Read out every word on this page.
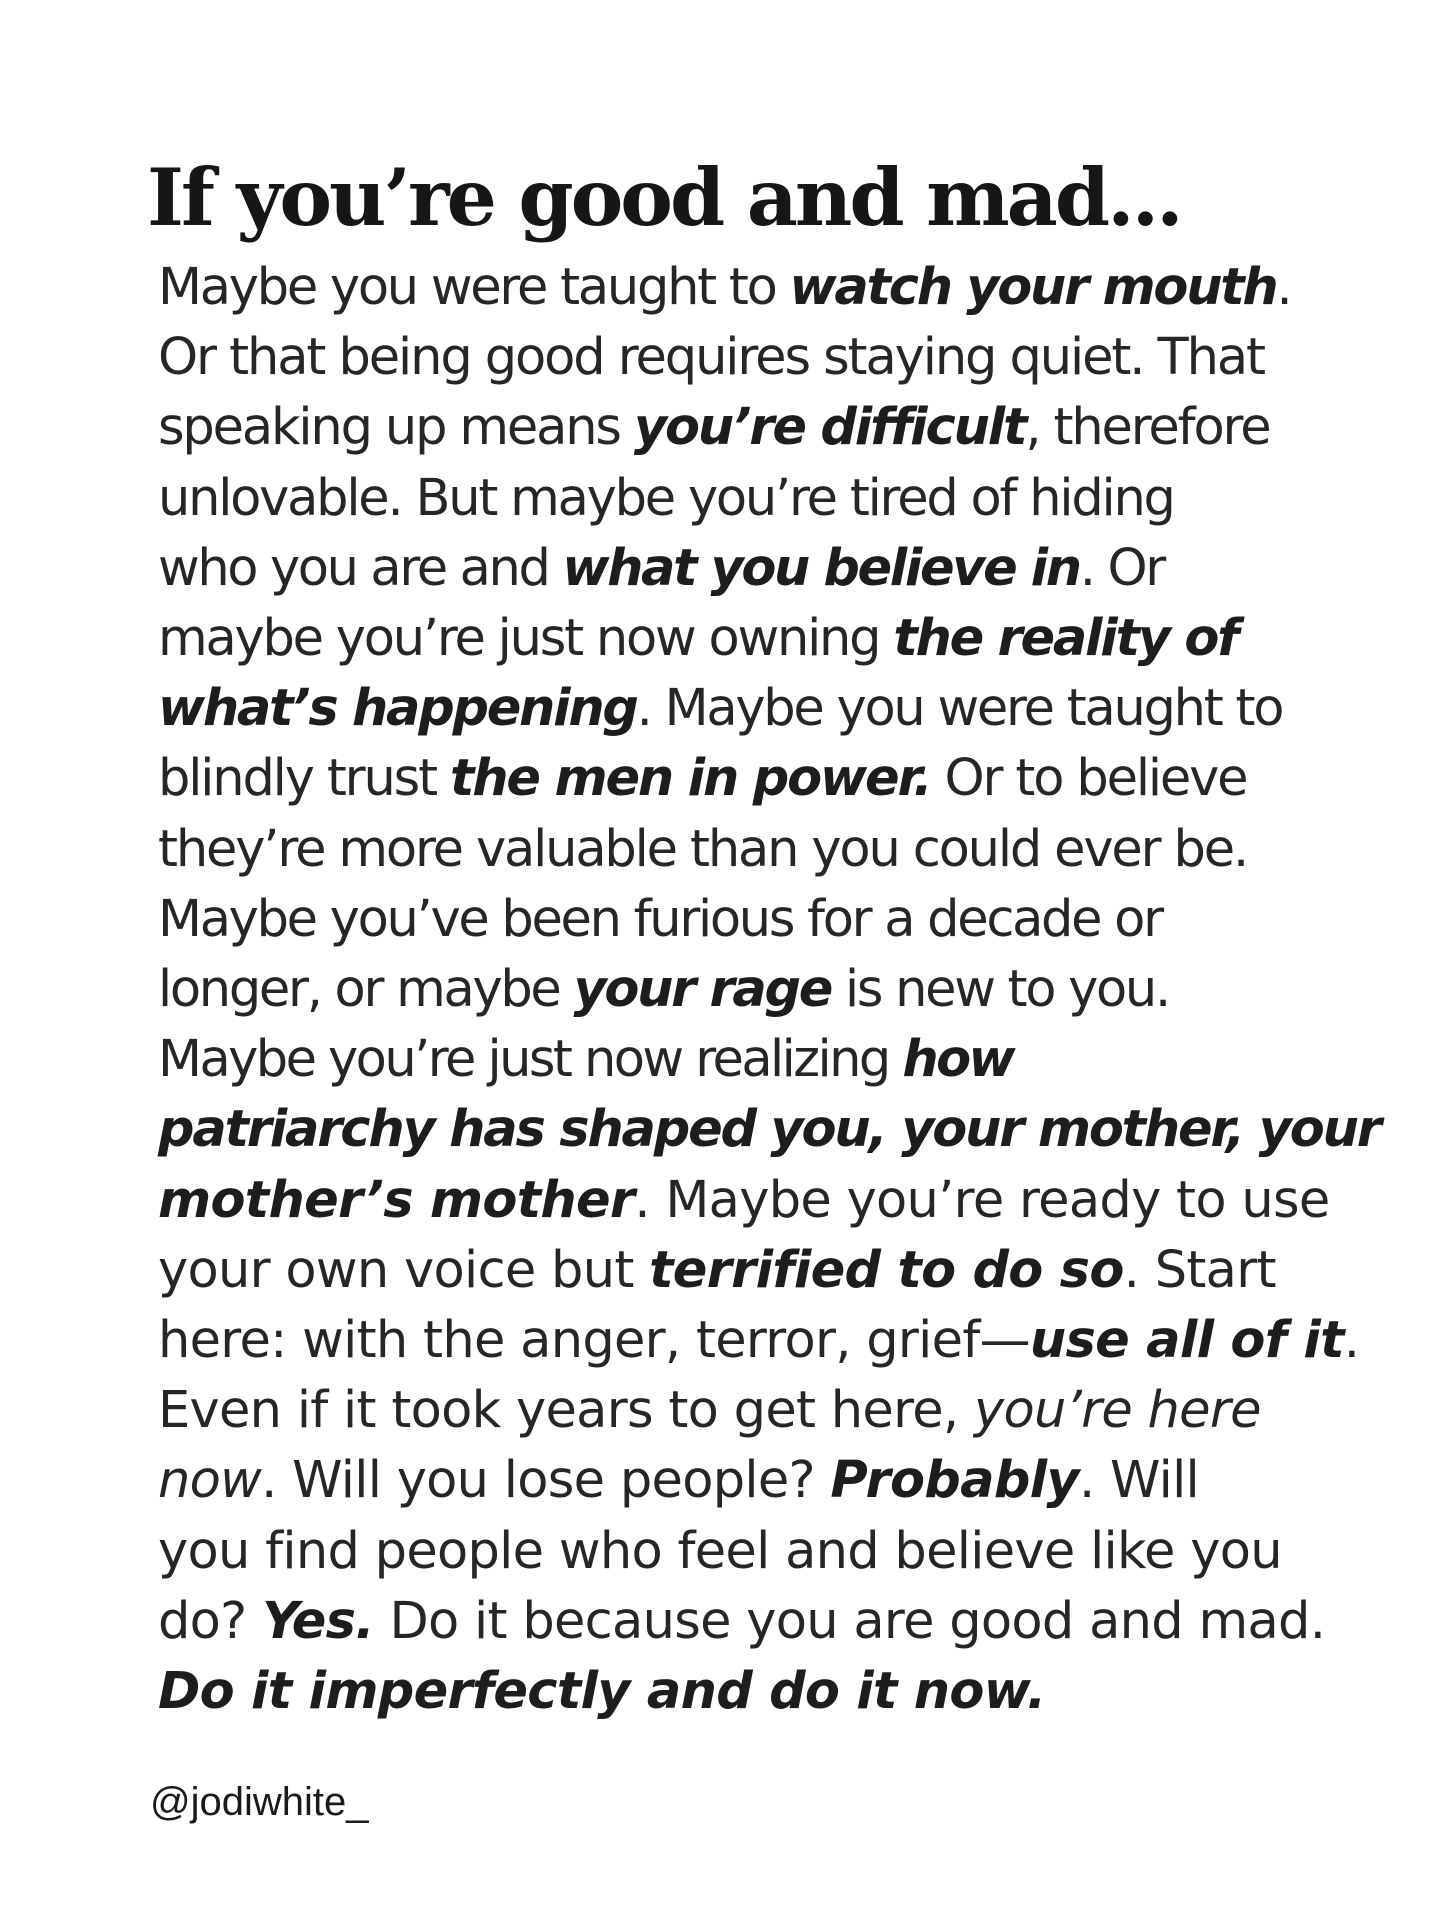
If you’re good and mad...
Maybe you were taught to watch your mouth.
Or that being good requires staying quiet. That
speaking up means you’re difficult, therefore
unlovable. But maybe you’re tired of hiding
who you are and what you believe in. Or
maybe you’re just now owning the reality of
what’s happening. Maybe you were taught to
blindly trust the men in power. Or to believe
they’re more valuable than you could ever be.
Maybe you’ve been furious for a decade or
longer, or maybe your rage is new to you.
Maybe you’re just now realizing how
patriarchy has shaped you, your mother, your
mother’s mother. Maybe you’re ready to use
your own voice but terrified to do so. Start
here: with the anger, terror, grief—use all of it.
Even if it took years to get here, you’re here
now. Will you lose people? Probably. Will
you find people who feel and believe like you
do? Yes. Do it because you are good and mad.
Do it imperfectly and do it now.
@jodiwhite_
